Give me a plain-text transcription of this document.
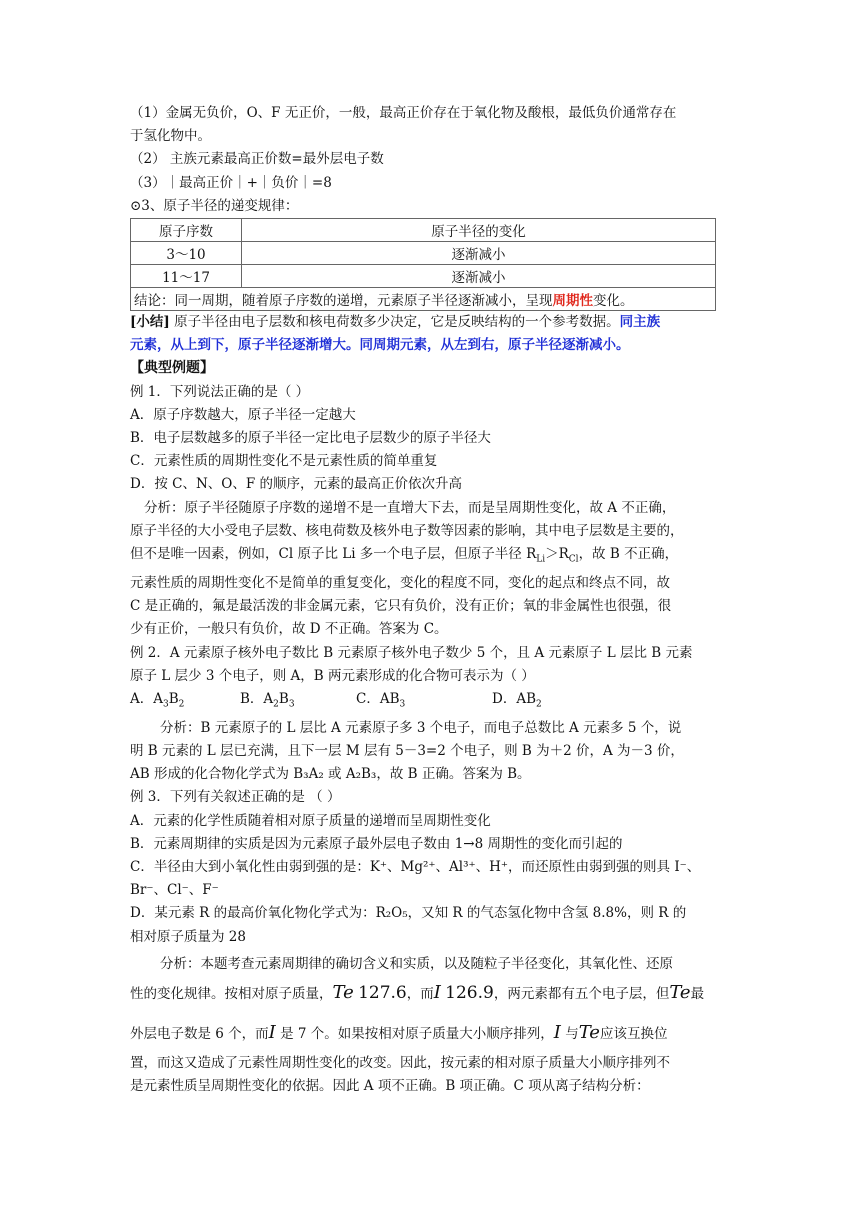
（1）金属无负价，O、F 无正价，一般，最高正价存在于氧化物及酸根，最低负价通常存在
于氢化物中。
（2） 主族元素最高正价数=最外层电子数
（3）｜最高正价｜+｜负价｜=8
⊙3、原子半径的递变规律：
原子序数	原子半径的变化
3～10	逐渐减小
11～17	逐渐减小
结论：同一周期，随着原子序数的递增，元素原子半径逐渐减小，呈现周期性变化。	
[小结] 原子半径由电子层数和核电荷数多少决定，它是反映结构的一个参考数据。同主族
元素，从上到下，原子半径逐渐增大。同周期元素，从左到右，原子半径逐渐减小。
【典型例题】
例 1．下列说法正确的是（ ）
A．原子序数越大，原子半径一定越大
B．电子层数越多的原子半径一定比电子层数少的原子半径大
C．元素性质的周期性变化不是元素性质的简单重复
D．按 C、N、O、F 的顺序，元素的最高正价依次升高
分析：原子半径随原子序数的递增不是一直增大下去，而是呈周期性变化，故 A 不正确，
原子半径的大小受电子层数、核电荷数及核外电子数等因素的影响，其中电子层数是主要的，
但不是唯一因素，例如，Cl 原子比 Li 多一个电子层，但原子半径 $R_{Li}>R_{Cl}$，故 B 不正确，
元素性质的周期性变化不是简单的重复变化，变化的程度不同，变化的起点和终点不同，故
C 是正确的，氟是最活泼的非金属元素，它只有负价，没有正价；氧的非金属性也很强，很
少有正价，一般只有负价，故 D 不正确。答案为 C。
例 2．A 元素原子核外电子数比 B 元素原子核外电子数少 5 个，且 A 元素原子 L 层比 B 元素
原子 L 层少 3 个电子，则 A，B 两元素形成的化合物可表示为（ ）
A．$A_3B_2$	B．$A_2B_3$	C．$AB_3$	D．$AB_2$
分析：B 元素原子的 L 层比 A 元素原子多 3 个电子，而电子总数比 A 元素多 5 个，说
明 B 元素的 L 层已充满，且下一层 M 层有 5－3=2 个电子，则 B 为＋2 价，A 为－3 价，
AB 形成的化合物化学式为 B₃A₂ 或 A₂B₃，故 B 正确。答案为 B。
例 3．下列有关叙述正确的是 （ ）
A．元素的化学性质随着相对原子质量的递增而呈周期性变化
B．元素周期律的实质是因为元素原子最外层电子数由 1→8 周期性的变化而引起的
C．半径由大到小氧化性由弱到强的是：K⁺、Mg²⁺、Al³⁺、H⁺，而还原性由弱到强的则具 I⁻、
Br⁻、Cl⁻、F⁻
D．某元素 R 的最高价氧化物化学式为：R₂O₅，又知 R 的气态氢化物中含氢 8.8%，则 R 的
相对原子质量为 28
分析：本题考查元素周期律的确切含义和实质，以及随粒子半径变化，其氧化性、还原
性的变化规律。按相对原子质量，Te 127.6，而I 126.9，两元素都有五个电子层，但Te最
外层电子数是 6 个，而I 是 7 个。如果按相对原子质量大小顺序排列，I 与Te应该互换位
置，而这又造成了元素性周期性变化的改变。因此，按元素的相对原子质量大小顺序排列不
是元素性质呈周期性变化的依据。因此 A 项不正确。B 项正确。C 项从离子结构分析：
